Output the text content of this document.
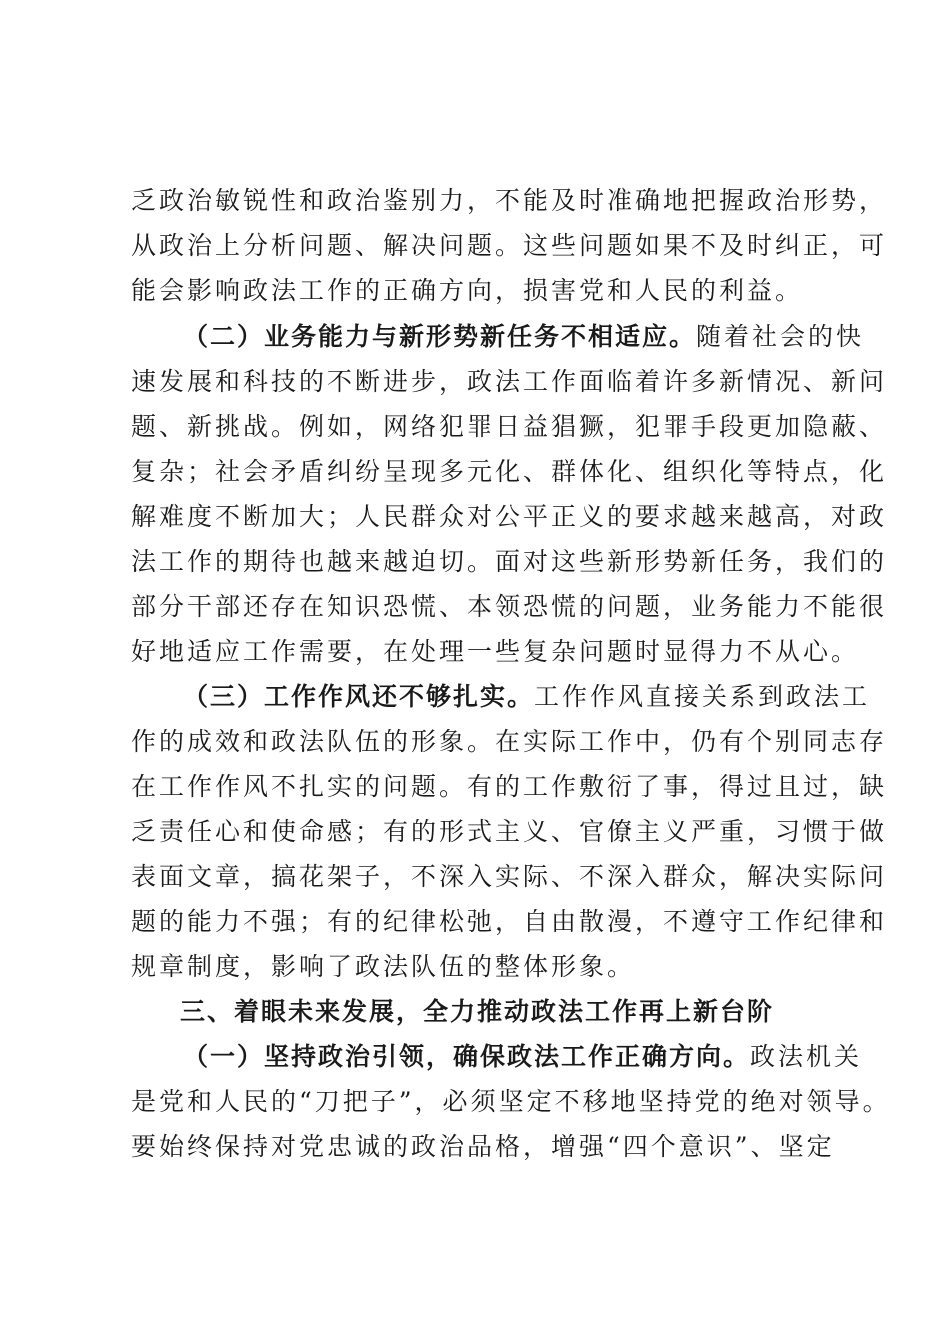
乏政治敏锐性和政治鉴别力，不能及时准确地把握政治形势，
从政治上分析问题、解决问题。这些问题如果不及时纠正，可
能会影响政法工作的正确方向，损害党和人民的利益。
（二）业务能力与新形势新任务不相适应。随着社会的快
速发展和科技的不断进步，政法工作面临着许多新情况、新问
题、新挑战。例如，网络犯罪日益猖獗，犯罪手段更加隐蔽、
复杂；社会矛盾纠纷呈现多元化、群体化、组织化等特点，化
解难度不断加大；人民群众对公平正义的要求越来越高，对政
法工作的期待也越来越迫切。面对这些新形势新任务，我们的
部分干部还存在知识恐慌、本领恐慌的问题，业务能力不能很
好地适应工作需要，在处理一些复杂问题时显得力不从心。
（三）工作作风还不够扎实。工作作风直接关系到政法工
作的成效和政法队伍的形象。在实际工作中，仍有个别同志存
在工作作风不扎实的问题。有的工作敷衍了事，得过且过，缺
乏责任心和使命感；有的形式主义、官僚主义严重，习惯于做
表面文章，搞花架子，不深入实际、不深入群众，解决实际问
题的能力不强；有的纪律松弛，自由散漫，不遵守工作纪律和
规章制度，影响了政法队伍的整体形象。
三、着眼未来发展，全力推动政法工作再上新台阶
（一）坚持政治引领，确保政法工作正确方向。政法机关
是党和人民的“刀把子”，必须坚定不移地坚持党的绝对领导。
要始终保持对党忠诚的政治品格，增强“四个意识”、坚定
